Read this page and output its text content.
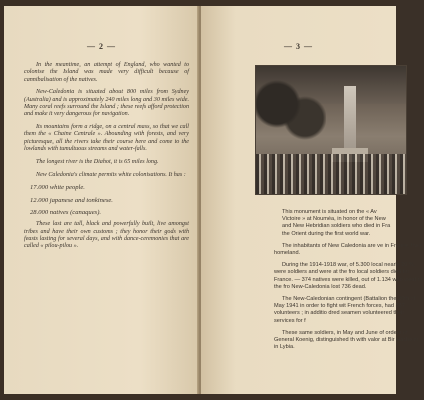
— 2 —

In the meantime, an attempt of England, who wanted to colonise the Island was made very difficult because of cannibalisation of the natives.

New-Caledonia is situated about 800 miles from Sydney (Australia) and is approximately 240 miles long and 30 miles wide. Many coral reefs surround the Island ; these reefs afford protection and make it very dangerous for navigation.

Its mountains form a ridge, on a central mass, so that we call them the « Chaine Centrale ». Abounding with forests, and very picturesque, all the rivers take their course here and come to the lowlands with tumultuous streams and water-falls.

The longest river is the Diahot, it is 65 miles long.

New Caledonia's climate permits white colonisations. It has :

17.000 white people.

12.000 japanese and tonkinese.

28.000 natives (canaques).

These last are tall, black and powerfully built, live amongst tribes and have their own customs ; they honor their gods with feasts lasting for several days, and with dance-ceremonies that are called « pilou-pilou ».

— 3 —

This monument is situated on the « Av

Victoire » at Nouméa, in honor of the New

and New Hebridian soldiers who died in Fra

the Orient during the first world war.

The inhabitants of New Caledonia are ve in France, their homeland.

During the 1914-1918 war, of 5.300 local nearly 20 %, were soldiers and were at the fro local soldiers died for France. — 374 natives were killed, out of 1.134 who went to the fro New-Caledonia lost 736 dead.

The New-Caledonian contingent (Battalion the 20th of May 1941 in order to fight wit French forces, had 387 volunteers ; in additio dred seamen volunteered their services for f

These same soldiers, in May and June of orders of General Koenig, distinguished th with valor at Bir Hacheim, in Lybia.
